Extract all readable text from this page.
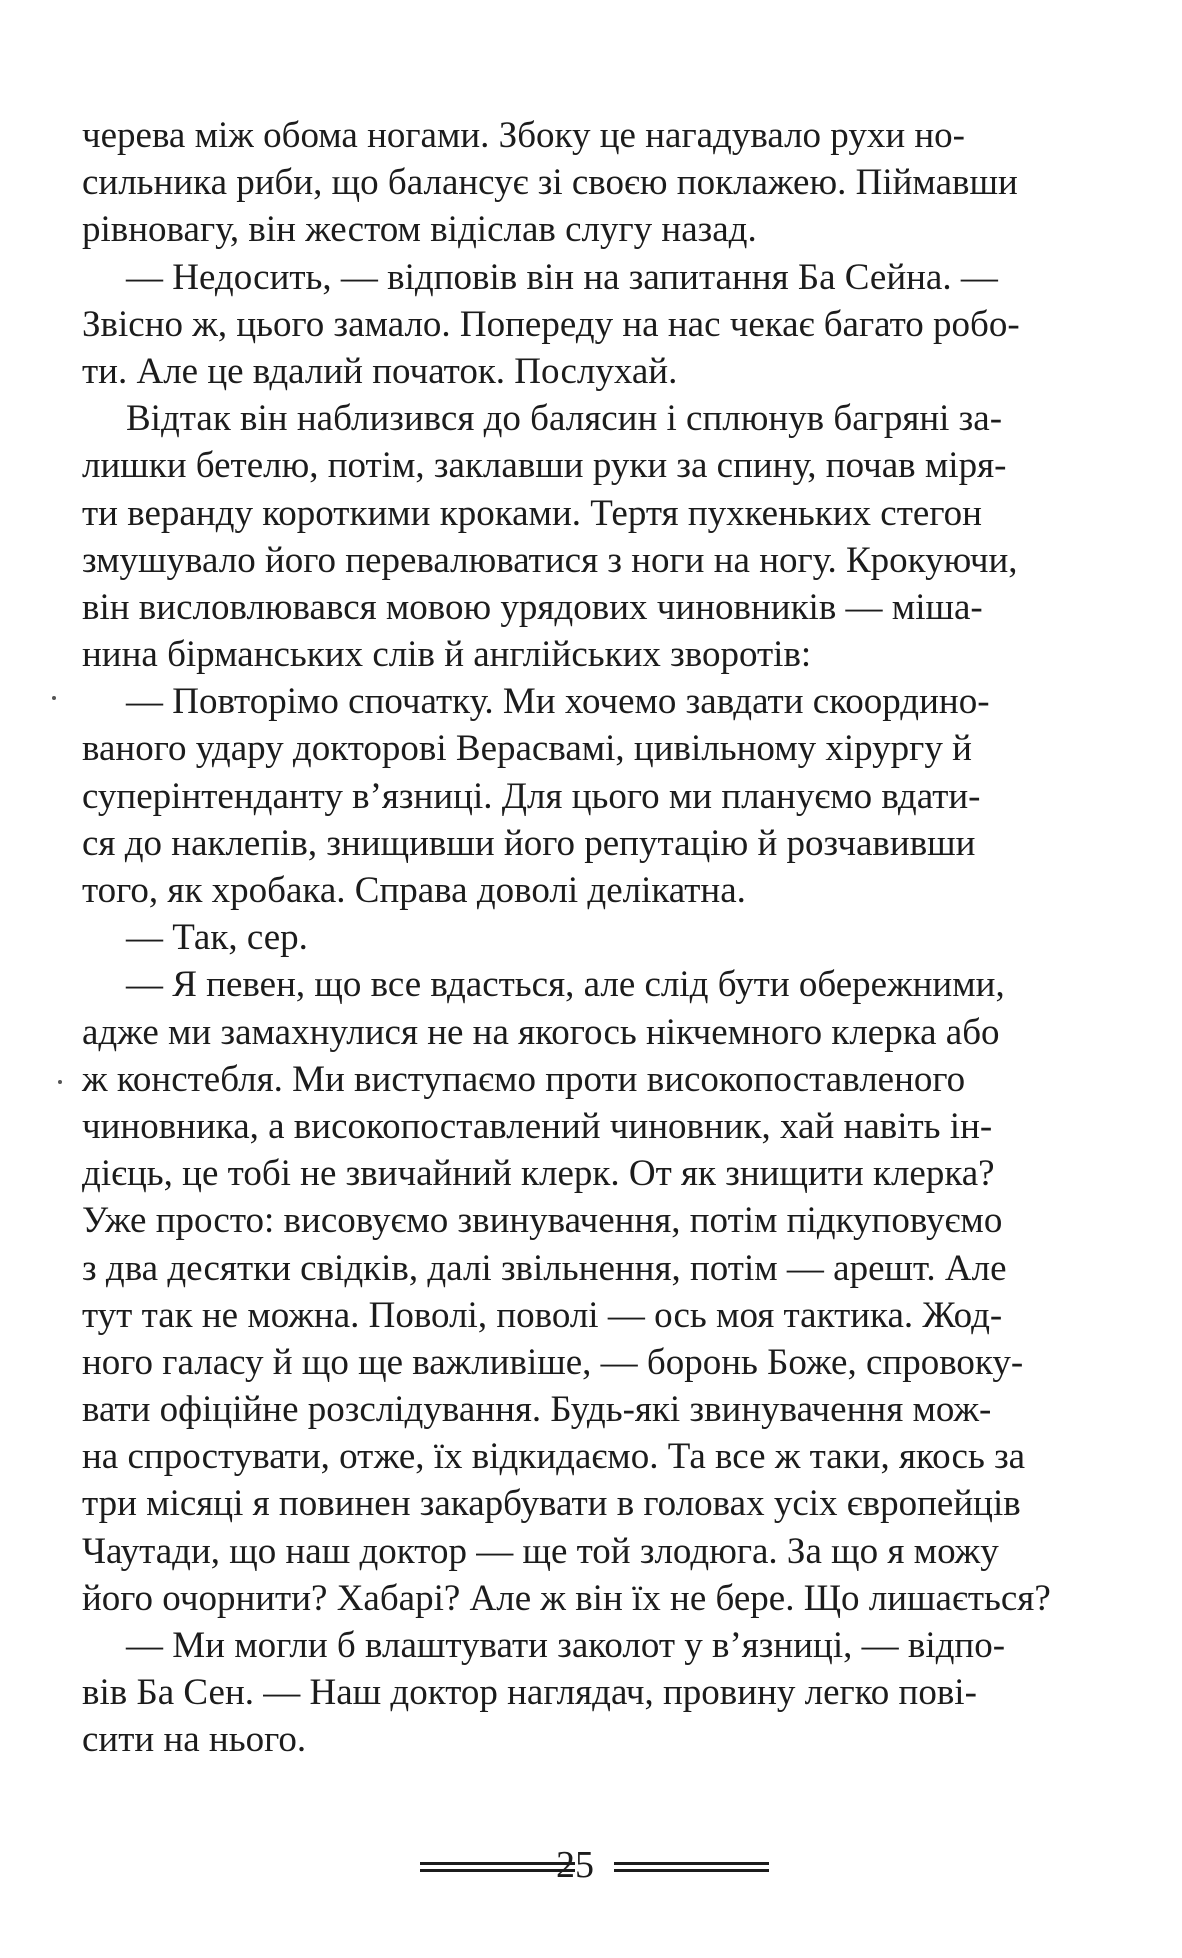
черева між обома ногами. Збоку це нагадувало рухи но-
сильника риби, що балансує зі своєю поклажею. Пiймавши
рівновагу, він жестом відіслав слугу назад.
— Недосить, — відповів він на запитання Ба Сейна. —
Звісно ж, цього замало. Попереду на нас чекає багато робо-
ти. Але це вдалий початок. Послухай.
Відтак він наблизився до балясин і сплюнув багряні за-
лишки бетелю, потім, заклавши руки за спину, почав міря-
ти веранду короткими кроками. Тертя пухкеньких стегон
змушувало його перевалюватися з ноги на ногу. Крокуючи,
він висловлювався мовою урядових чиновників — міша-
нина бірманських слів й англійських зворотів:
— Повторімо спочатку. Ми хочемо завдати скоордино-
ваного удару докторові Верасвамі, цивільному хірургу й
суперінтенданту в’язниці. Для цього ми плануємо вдати-
ся до наклепів, знищивши його репутацію й розчавивши
того, як хробака. Справа доволі делікатна.
— Так, сер.
— Я певен, що все вдасться, але слід бути обережними,
адже ми замахнулися не на якогось нікчемного клерка або
ж констебля. Ми виступаємо проти високопоставленого
чиновника, а високопоставлений чиновник, хай навіть ін-
дієць, це тобі не звичайний клерк. От як знищити клерка?
Уже просто: висовуємо звинувачення, потім підкуповуємо
з два десятки свідків, далі звільнення, потім — арешт. Але
тут так не можна. Поволі, поволі — ось моя тактика. Жод-
ного галасу й що ще важливіше, — боронь Боже, спровоку-
вати офіційне розслідування. Будь-які звинувачення мож-
на спростувати, отже, їх відкидаємо. Та все ж таки, якось за
три місяці я повинен закарбувати в головах усіх європейців
Чаутади, що наш доктор — ще той злодюга. За що я можу
його очорнити? Хабарі? Але ж він їх не бере. Що лишається?
— Ми могли б влаштувати заколот у в’язниці, — відпо-
вів Ба Сен. — Наш доктор наглядач, провину легко пові-
сити на нього.
25
